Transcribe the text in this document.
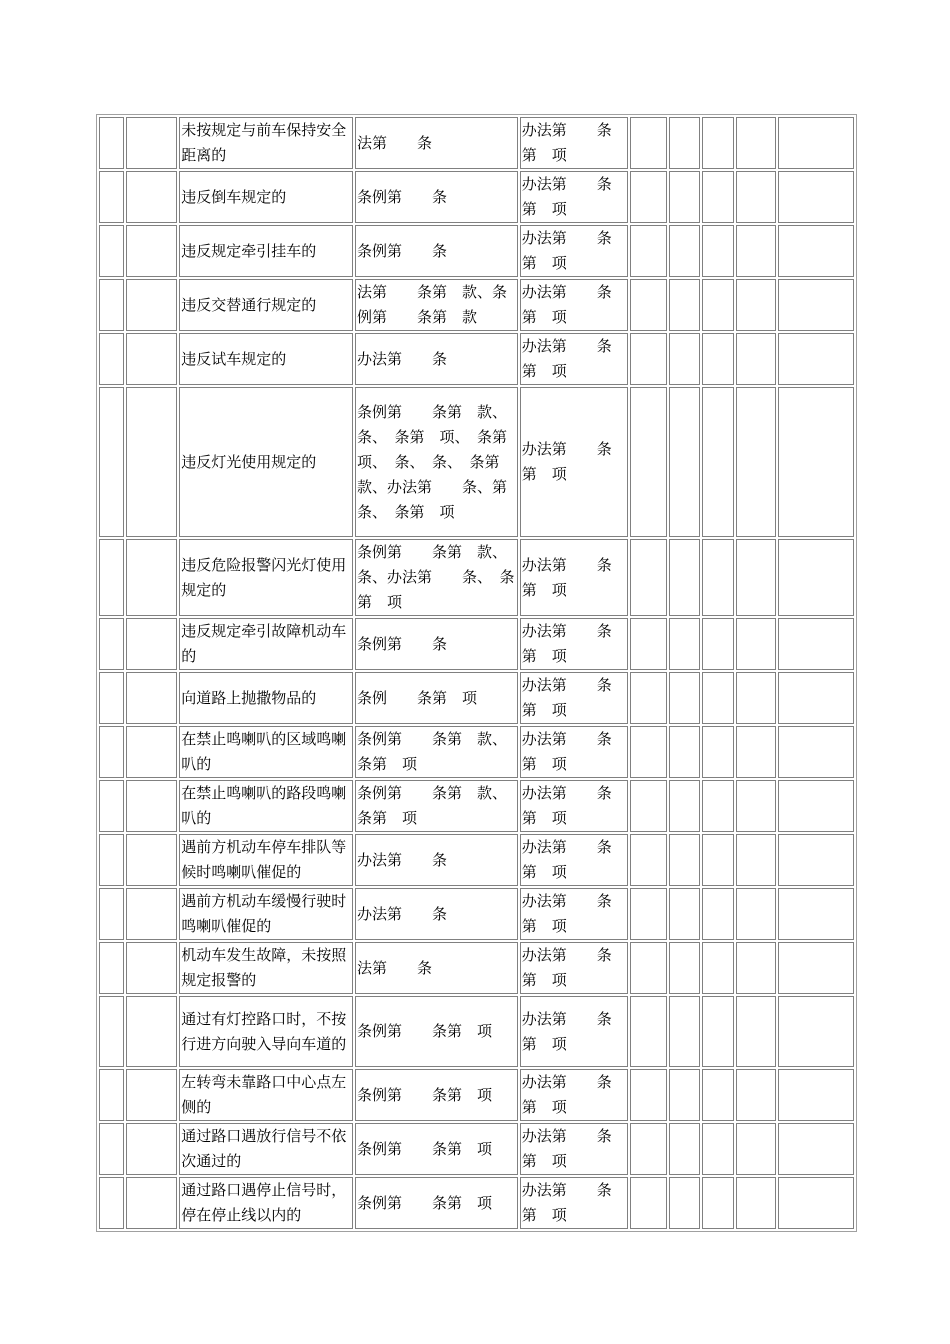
		未按规定与前车保持安全距离的	法第　　条	办法第　　条第　项					
		违反倒车规定的	条例第　　条	办法第　　条第　项					
		违反规定牵引挂车的	条例第　　条	办法第　　条第　项					
		违反交替通行规定的	法第　　条第　款、条例第　　条第　款	办法第　　条第　项					
		违反试车规定的	办法第　　条	办法第　　条第　项					
		违反灯光使用规定的	条例第　　条第　款、　条、　条第　项、　条第　项、　条、　条、　条第　款、办法第　　条、第　　条、　条第　项	办法第　　条第　项					
		违反危险报警闪光灯使用规定的	条例第　　条第　款、　条、办法第　　条、　条第　项	办法第　　条第　项					
		违反规定牵引故障机动车的	条例第　　条	办法第　　条第　项					
		向道路上抛撒物品的	条例　　条第　项	办法第　　条第　项					
		在禁止鸣喇叭的区域鸣喇叭的	条例第　　条第　款、　条第　项	办法第　　条第　项					
		在禁止鸣喇叭的路段鸣喇叭的	条例第　　条第　款、　条第　项	办法第　　条第　项					
		遇前方机动车停车排队等候时鸣喇叭催促的	办法第　　条	办法第　　条第　项					
		遇前方机动车缓慢行驶时鸣喇叭催促的	办法第　　条	办法第　　条第　项					
		机动车发生故障，未按照规定报警的	法第　　条	办法第　　条第　项					
		通过有灯控路口时，不按行进方向驶入导向车道的	条例第　　条第　项	办法第　　条第　项					
		左转弯未靠路口中心点左侧的	条例第　　条第　项	办法第　　条第　项					
		通过路口遇放行信号不依次通过的	条例第　　条第　项	办法第　　条第　项					
		通过路口遇停止信号时，停在停止线以内的	条例第　　条第　项	办法第　　条第　项					
